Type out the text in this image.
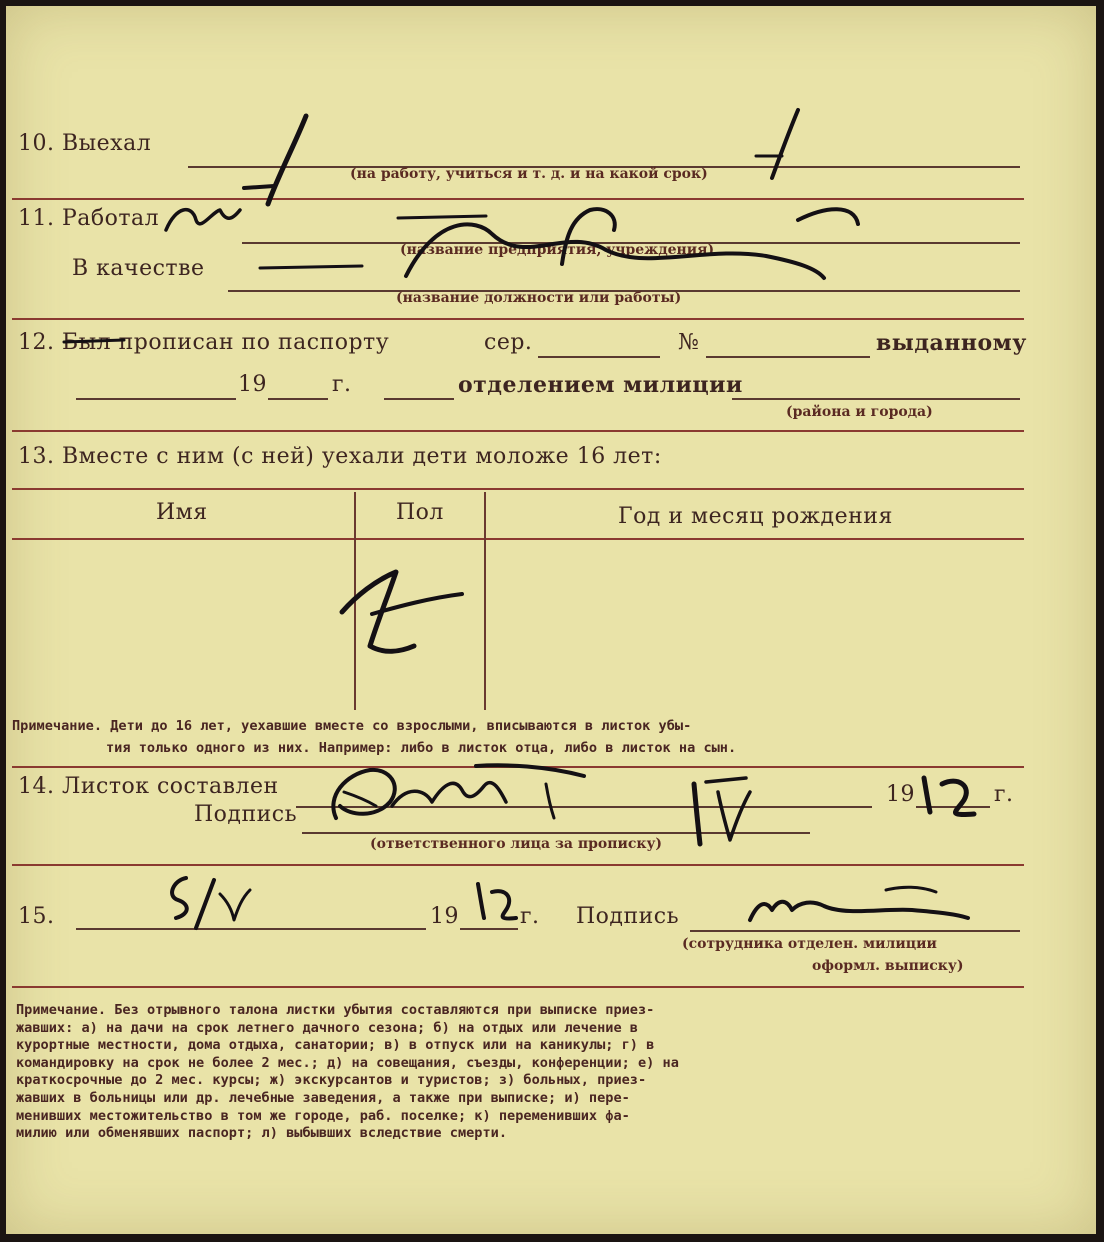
10. Выехал
(на работу, учиться и т. д. и на какой срок)
11. Работал
(название предприятия, учреждения)
В качестве
(название должности или работы)
12. Был прописан по паспорту	сер.	№	выданному
19	г.	отделением милиции
(района и города)
13. Вместе с ним (с ней) уехали дети моложе 16 лет:
Имя	Пол	Год и месяц рождения
Примечание. Дети до 16 лет, уехавшие вместе со взрослыми, вписываются в листок убы-
тия только одного из них. Например: либо в листок отца, либо в листок на сын.
14. Листок составлен	19	г.
Подпись
(ответственного лица за прописку)
15.	19	г. Подпись
(сотрудника отделен. милиции
оформл. выписку)
Примечание. Без отрывного талона листки убытия составляются при выписке приез-
жавших: а) на дачи на срок летнего дачного сезона; б) на отдых или лечение в
курортные местности, дома отдыха, санатории; в) в отпуск или на каникулы; г) в
командировку на срок не более 2 мес.; д) на совещания, съезды, конференции; е) на
краткосрочные до 2 мес. курсы; ж) экскурсантов и туристов; з) больных, приез-
жавших в больницы или др. лечебные заведения, а также при выписке; и) пере-
менивших местожительство в том же городе, раб. поселке; к) переменивших фа-
милию или обменявших паспорт; л) выбывших вследствие смерти.
